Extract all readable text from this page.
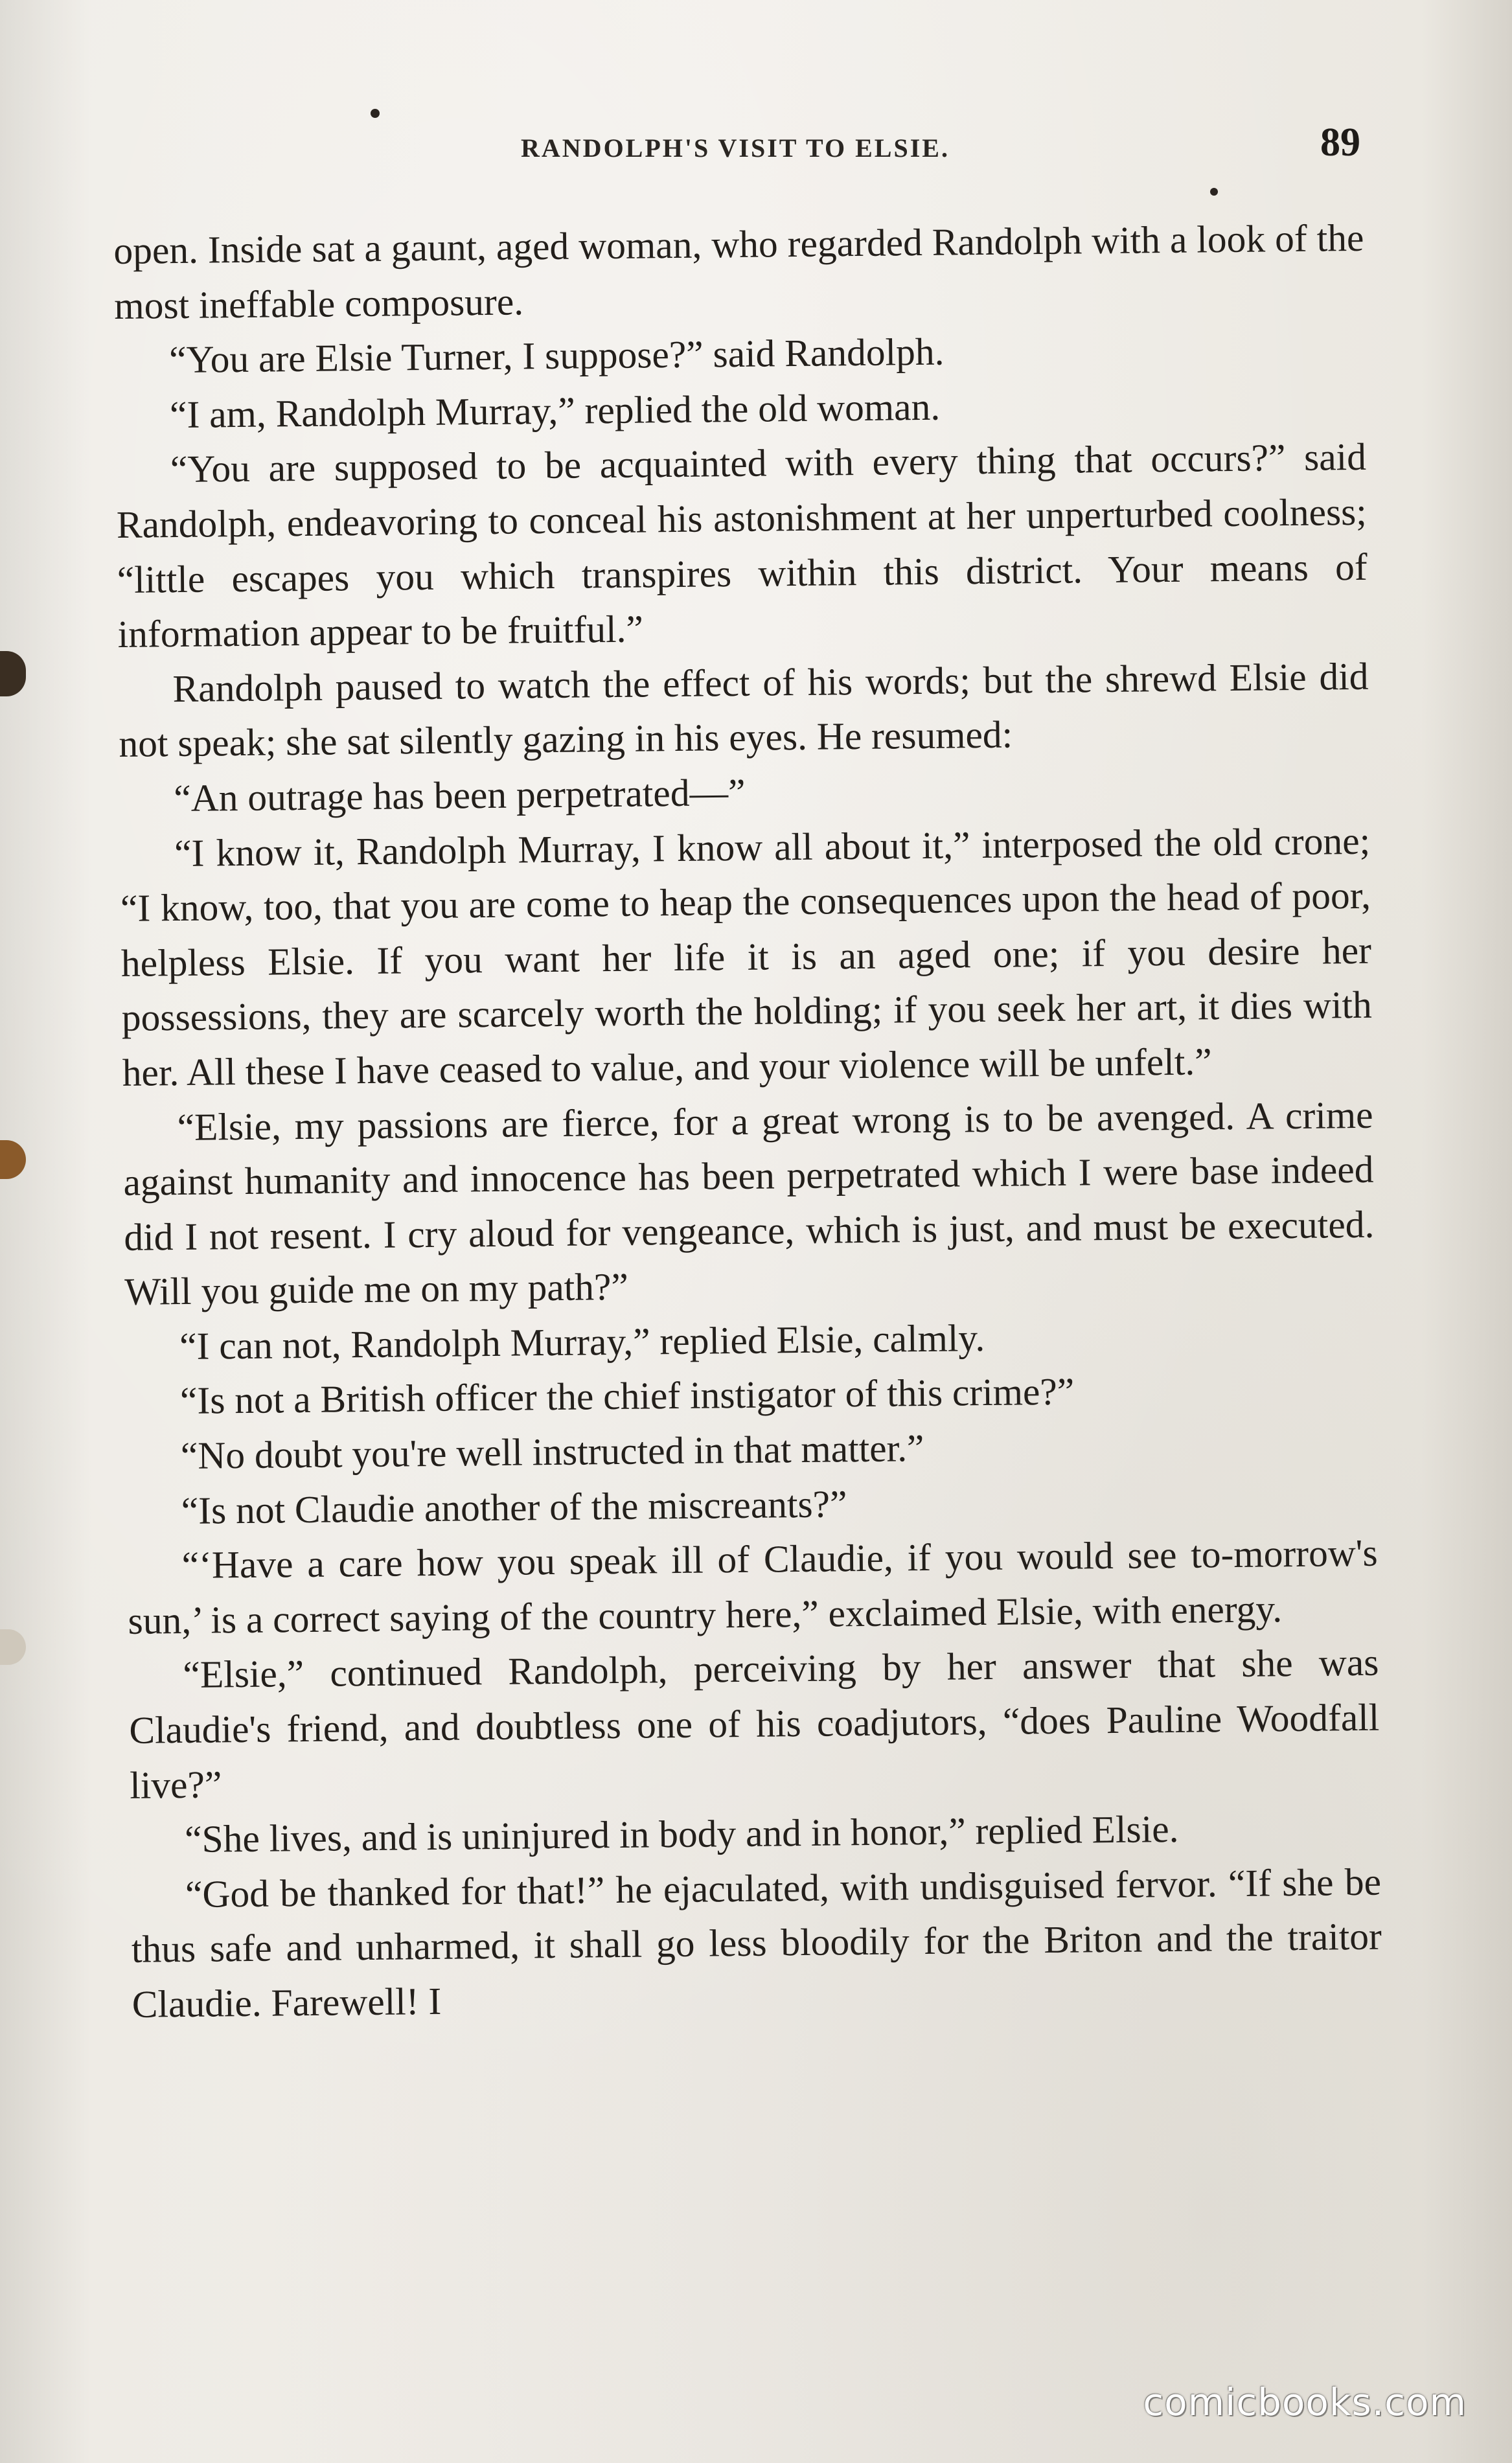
RANDOLPH'S VISIT TO ELSIE.	89

open. Inside sat a gaunt, aged woman, who regarded Randolph with a look of the most ineffable composure.

“You are Elsie Turner, I suppose?” said Randolph.

“I am, Randolph Murray,” replied the old woman.

“You are supposed to be acquainted with every thing that occurs?” said Randolph, endeavoring to conceal his astonishment at her unperturbed coolness; “little escapes you which transpires within this district. Your means of information appear to be fruitful.”

Randolph paused to watch the effect of his words; but the shrewd Elsie did not speak; she sat silently gazing in his eyes. He resumed:

“An outrage has been perpetrated—”

“I know it, Randolph Murray, I know all about it,” interposed the old crone; “I know, too, that you are come to heap the consequences upon the head of poor, helpless Elsie. If you want her life it is an aged one; if you desire her possessions, they are scarcely worth the holding; if you seek her art, it dies with her. All these I have ceased to value, and your violence will be unfelt.”

“Elsie, my passions are fierce, for a great wrong is to be avenged. A crime against humanity and innocence has been perpetrated which I were base indeed did I not resent. I cry aloud for vengeance, which is just, and must be executed. Will you guide me on my path?”

“I can not, Randolph Murray,” replied Elsie, calmly.

“Is not a British officer the chief instigator of this crime?”

“No doubt you're well instructed in that matter.”

“Is not Claudie another of the miscreants?”

“‘Have a care how you speak ill of Claudie, if you would see to-morrow's sun,’ is a correct saying of the country here,” exclaimed Elsie, with energy.

“Elsie,” continued Randolph, perceiving by her answer that she was Claudie's friend, and doubtless one of his coadjutors, “does Pauline Woodfall live?”

“She lives, and is uninjured in body and in honor,” replied Elsie.

“God be thanked for that!” he ejaculated, with undisguised fervor. “If she be thus safe and unharmed, it shall go less bloodily for the Briton and the traitor Claudie. Farewell! I

comicbooks.com
